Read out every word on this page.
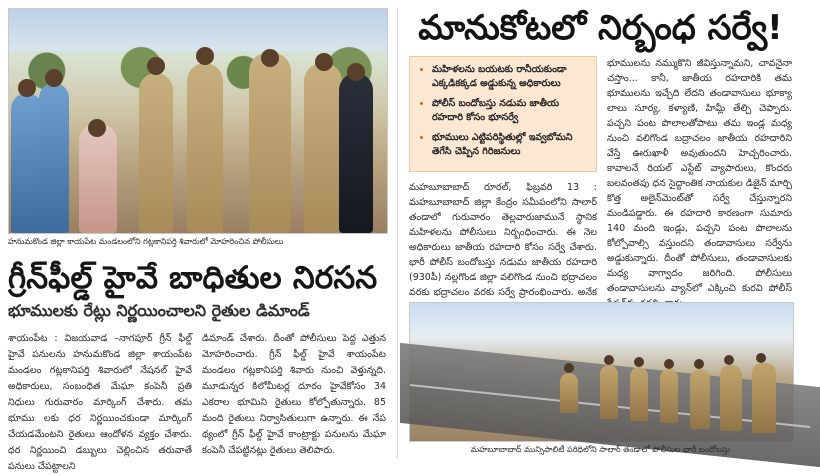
హనుమకొండ జిల్లా కాయపేట మండలంలోని గట్లకానిపర్తి శివారులో మోహరించిన పోలీసులు
గ్రీన్‌ఫీల్డ్ హైవే బాధితుల నిరసన
భూములకు రేట్లు నిర్ణయించాలని రైతుల డిమాండ్

శాయంపేట : విజయవాడ –నాగపూర్ గ్రీన్ ఫీల్డ్ హైవే పనులను హనుమకొండ జిల్లా శాయంపేట మండలం గట్లకానిపర్తి శివారులో నేషనల్ హైవే అధికారులు, సంబంధిత మేఘా కంపెనీ ప్రతి నిధులు గురువారం మార్కింగ్ చేశారు. తమ భూము లకు ధర నిర్ణయించకుండా మార్కింగ్ చేయడమేంటని రైతులు ఆందోళన వ్యక్తం చేశారు. ధర నిర్ణయించి డబ్బులు చెల్లించిన తరువాతే పనులు చేపట్టాలని

డిమాండ్ చేశారు. దీంతో పోలీసులు పెద్ద ఎత్తున మోహరించారు. గ్రీన్ ఫీల్డ్ హైవే శాయంపేట మండలం గట్లకానిపర్తి శివారు నుంచి వెళ్తున్నది. మూడున్నర కిలోమీటర్ల దూరం హైవేకోసం 34 ఎకరాల భూమిని రైతులు కోల్పోతున్నారు. 85 మంది రైతులు నిర్వాసితులుగా ఉన్నారు. ఈ నేప థ్యంలో గ్రీన్ ఫీల్డ్ హైవే కాంట్రాక్టు పనులను మేఘా కంపెనీ చేపట్టినట్లు రైతులు తెలిపారు.

మానుకోటలో నిర్బంధ సర్వే!
• మహిళలను బయటకు రానీయకుండా ఎక్కడికక్కడ అడ్డుకున్న అధికారులు
• పోలీస్ బందోబస్తు నడుమ జాతీయ రహదారి కోసం భూసర్వే
• భూములు ఎట్టిపరిస్థితుల్లో ఇవ్వబోమని తెగేసి చెప్పిన గిరిజనులు

మహబూబాబాద్ రూరల్, ఫిబ్రవరి 13 : మహబూబాబాద్ జిల్లా కేంద్రం సమీపంలోని సాలార్ తండాలో గురువారం తెల్లవారుజామునే స్థానిక మహిళలను పోలీసులు నిర్బంధించారు. ఈ నెల అధికారులు జాతీయ రహదారి కోసం సర్వే చేశారు. భారీ పోలీస్ బందోబస్తు నడుమ జాతీయ రహదారి (930పీ) నల్లగొండ జిల్లా వలిగొండ నుంచి భద్రాచలం వరకు భద్రాచలం వరకు సర్వే ప్రారంభించారు. అనేక

భూములను నమ్ముకొని జీవిస్తున్నామని, చావనైనా చస్తాం... కానీ, జాతీయ రహదారికి తమ భూములను ఇచ్చేది లేదని తండావాసులు భూక్యా లాలు సూర్య, కళ్యాణి, హిమ్లీ తేల్చి చెప్పారు. పచ్చని పంట పొలాలతోపాటు తమ ఇండ్ల మధ్య నుంచి వలిగొండ బద్రాచలం జాతీయ రహదారిని వేస్తే ఊరుఖాళీ అవుతుందని హెచ్చరించారు. కావాలనే రియల్ ఎస్టేట్ వ్యాపారులు, కొందరు బలవంతపు ధన సైద్దాంతిక నాయకుల డిజైన్ మార్చి కొత్త అలైన్‌మెంట్‌తో సర్వే చేస్తున్నారని మండిపడ్డారు. ఈ రహదారి కారణంగా సుమారు 140 మంది ఇండ్లు, పచ్చని పంట పొలాలను కోల్పోవాల్సి వస్తుందని తండావాసులు సర్వేను అడ్డుకున్నారు. దీంతో పోలీసులు, తండావాసులకు మధ్య వాగ్వాదం జరిగింది. పోలీసులు తండావాసులను వ్యాన్‌లో ఎక్కించి కురవి పోలీస్

మహబూబాబాద్ మున్సిపాలిటీ పరిధిలోని సాలార్ తండాలో పోలీసుల భారీ బందోబస్తు
